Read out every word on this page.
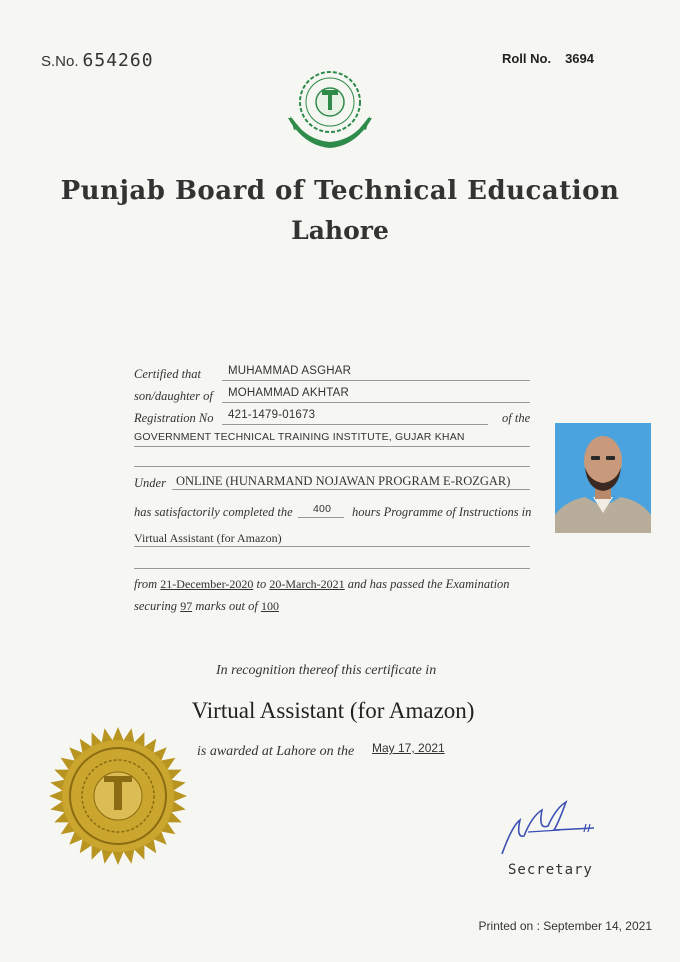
S.No. 654260	Roll No. 3694
Punjab Board of Technical Education
Lahore
Certified that MUHAMMAD ASGHAR
son/daughter of MOHAMMAD AKHTAR
Registration No 421-1479-01673	of the
GOVERNMENT TECHNICAL TRAINING INSTITUTE, GUJAR KHAN
Under ONLINE (HUNARMAND NOJAWAN PROGRAM E-ROZGAR)
has satisfactorily completed the 400 hours Programme of Instructions in
Virtual Assistant (for Amazon)
from 21-December-2020 to 20-March-2021 and has passed the Examination
securing 97 marks out of 100
In recognition thereof this certificate in
Virtual Assistant (for Amazon)
is awarded at Lahore on the May 17, 2021
Secretary
Printed on : September 14, 2021
